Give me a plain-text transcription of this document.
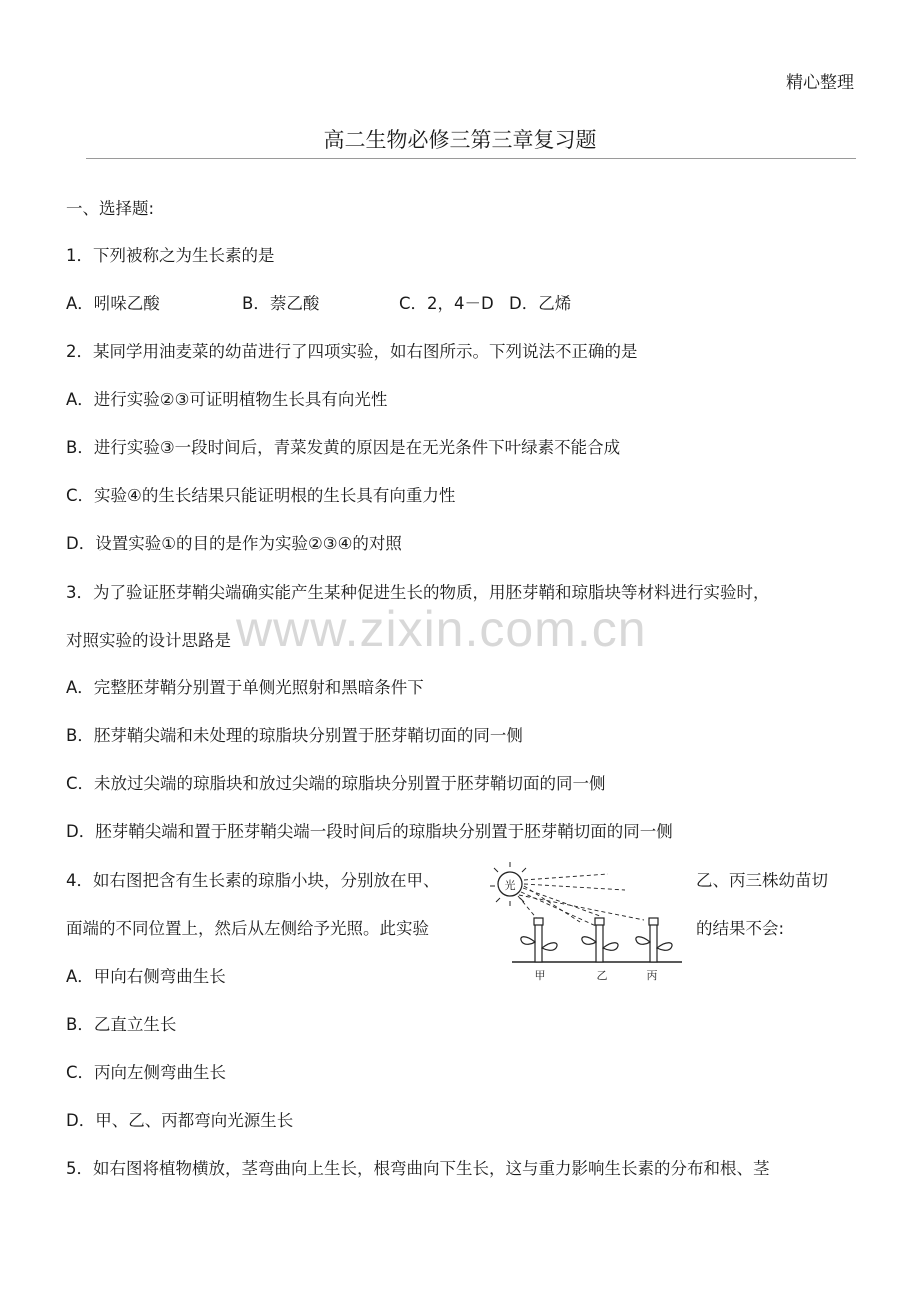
精心整理
高二生物必修三第三章复习题
www.zixin.com.cn
一、选择题:
1．下列被称之为生长素的是
A．吲哚乙酸	B．萘乙酸	C．2，4－D D．乙烯
2．某同学用油麦菜的幼苗进行了四项实验，如右图所示。下列说法不正确的是
A．进行实验②③可证明植物生长具有向光性
B．进行实验③一段时间后，青菜发黄的原因是在无光条件下叶绿素不能合成
C．实验④的生长结果只能证明根的生长具有向重力性
D．设置实验①的目的是作为实验②③④的对照
3．为了验证胚芽鞘尖端确实能产生某种促进生长的物质，用胚芽鞘和琼脂块等材料进行实验时，
对照实验的设计思路是
A．完整胚芽鞘分别置于单侧光照射和黑暗条件下
B．胚芽鞘尖端和未处理的琼脂块分别置于胚芽鞘切面的同一侧
C．未放过尖端的琼脂块和放过尖端的琼脂块分别置于胚芽鞘切面的同一侧
D．胚芽鞘尖端和置于胚芽鞘尖端一段时间后的琼脂块分别置于胚芽鞘切面的同一侧
4．如右图把含有生长素的琼脂小块，分别放在甲、	乙、丙三株幼苗切
面端的不同位置上，然后从左侧给予光照。此实验	的结果不会:
光
甲	乙	丙
A．甲向右侧弯曲生长
B．乙直立生长
C．丙向左侧弯曲生长
D．甲、乙、丙都弯向光源生长
5．如右图将植物横放，茎弯曲向上生长，根弯曲向下生长，这与重力影响生长素的分布和根、茎
